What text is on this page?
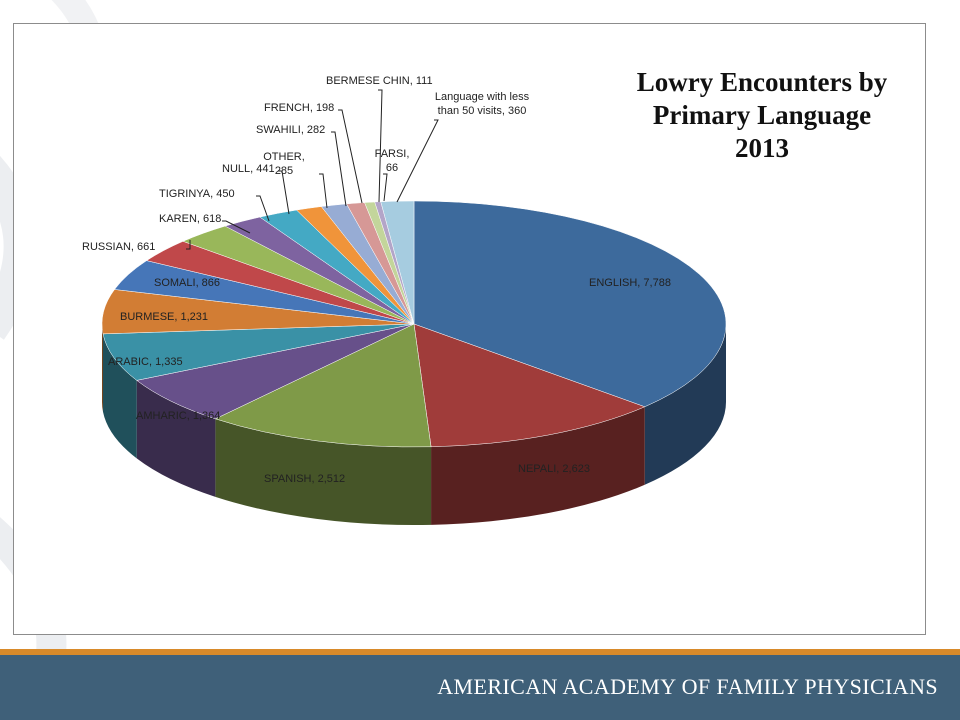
ENGLISH, 7,788
NEPALI, 2,623
SPANISH, 2,512
AMHARIC, 1,364
ARABIC, 1,335
BURMESE, 1,231
SOMALI, 866
RUSSIAN, 661
KAREN, 618
TIGRINYA, 450
NULL, 441
OTHER, 285
SWAHILI, 282
FRENCH, 198
BERMESE CHIN, 111
FARSI, 66
Language with less than 50 visits, 360
Lowry Encounters by
Primary Language
2013
AMERICAN ACADEMY OF FAMILY PHYSICIANS
